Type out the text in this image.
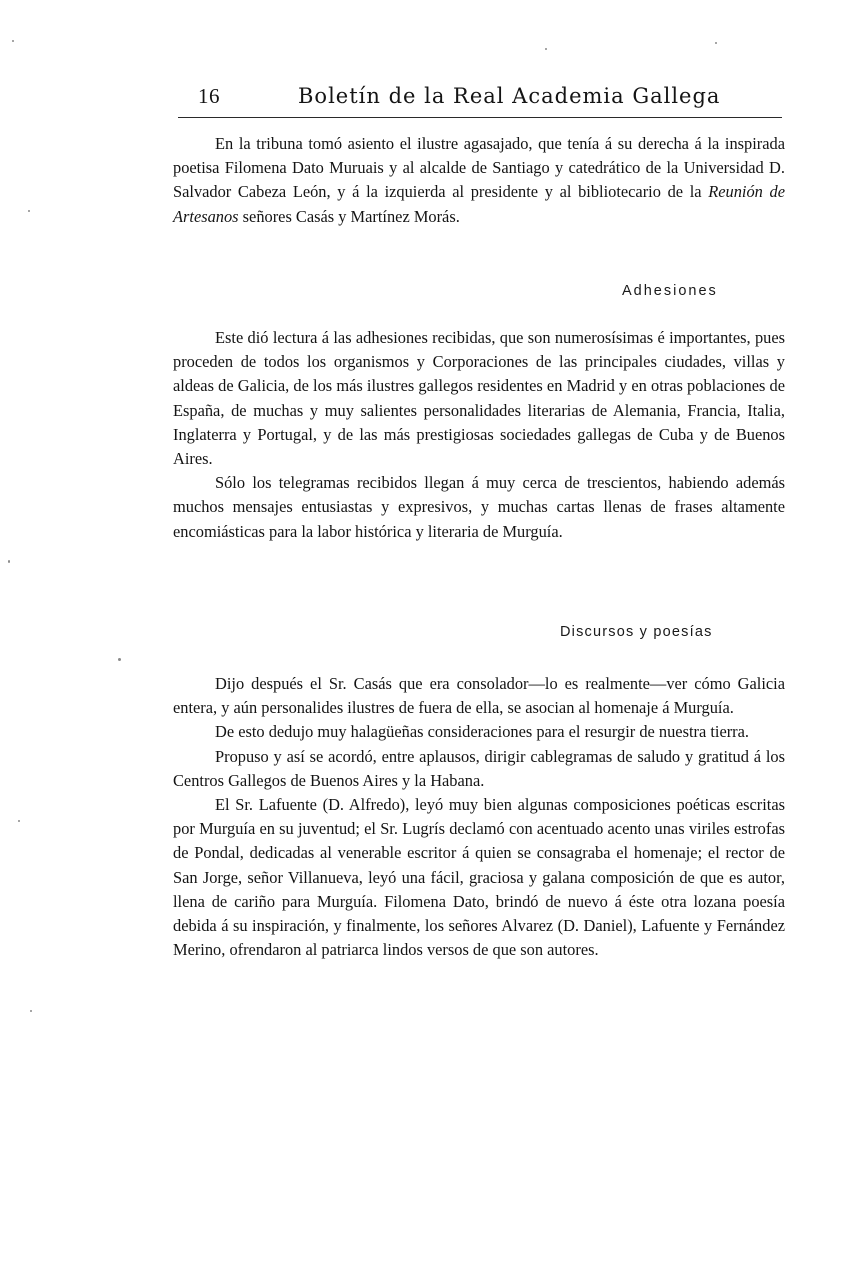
16	Boletín de la Real Academia Gallega

En la tribuna tomó asiento el ilustre agasajado, que tenía á su derecha á la inspirada poetisa Filomena Dato Muruais y al alcalde de Santiago y catedrático de la Universidad D. Salvador Cabeza León, y á la izquierda al presidente y al bibliotecario de la Reunión de Artesanos señores Casás y Martínez Morás.

Adhesiones

Este dió lectura á las adhesiones recibidas, que son numerosísimas é importantes, pues proceden de todos los organismos y Corporaciones de las principales ciudades, villas y aldeas de Galicia, de los más ilustres gallegos residentes en Madrid y en otras poblaciones de España, de muchas y muy salientes personalidades literarias de Alemania, Francia, Italia, Inglaterra y Portugal, y de las más prestigiosas sociedades gallegas de Cuba y de Buenos Aires.

Sólo los telegramas recibidos llegan á muy cerca de trescientos, habiendo además muchos mensajes entusiastas y expresivos, y muchas cartas llenas de frases altamente encomiásticas para la labor histórica y literaria de Murguía.

Discursos y poesías

Dijo después el Sr. Casás que era consolador—lo es realmente—ver cómo Galicia entera, y aún personalides ilustres de fuera de ella, se asocian al homenaje á Murguía.

De esto dedujo muy halagüeñas consideraciones para el resurgir de nuestra tierra.

Propuso y así se acordó, entre aplausos, dirigir cablegramas de saludo y gratitud á los Centros Gallegos de Buenos Aires y la Habana.

El Sr. Lafuente (D. Alfredo), leyó muy bien algunas composiciones poéticas escritas por Murguía en su juventud; el Sr. Lugrís declamó con acentuado acento unas viriles estrofas de Pondal, dedicadas al venerable escritor á quien se consagraba el homenaje; el rector de San Jorge, señor Villanueva, leyó una fácil, graciosa y galana composición de que es autor, llena de cariño para Murguía. Filomena Dato, brindó de nuevo á éste otra lozana poesía debida á su inspiración, y finalmente, los señores Alvarez (D. Daniel), Lafuente y Fernández Merino, ofrendaron al patriarca lindos versos de que son autores.
